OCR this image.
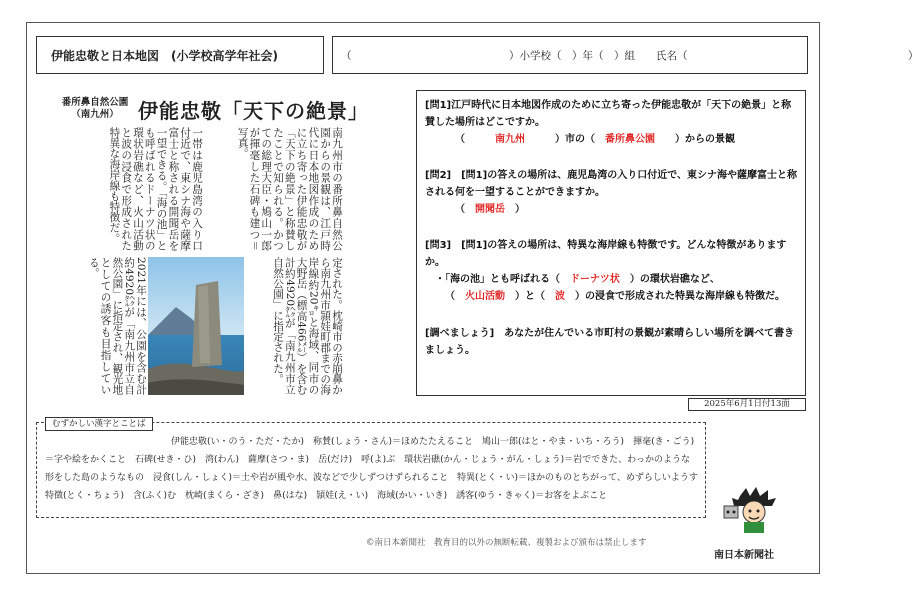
伊能忠敬と日本地図　(小学校高学年社会)	（　　　　　　　　　　　　　　　）小学校（　）年（　）組　　氏名（　　　　　　　　　　　　　　　　　　　　　）
番所鼻自然公園
（南九州） 伊能忠敬「天下の絶景」
南九州市の番所鼻自然公園からの景観は、江戸時代に日本地図作成のために立ち寄った伊能忠敬が「天下の絶景」と称賛したことで知られる。かつての総理大臣・鳩山一郎が揮毫した石碑も建つ＝写真。
一帯は鹿児島湾の入り口付近で、東シナ海や薩摩富士と称される開聞岳を一望できる。「海の池」とも呼ばれるドーナツ状の環状岩礁など、火山活動と波の浸食で形成された特異な海岸線も特徴だ。
定された。枕崎市の赤崩鼻から南九州市頴娃町郡までの海岸線約20㌔と海域、同市の大野岳（標高466㍍）を含む計約4920㌶が「南九州市立自然公園」に指定された。
2021年には、公園を含む計約4920㌶が「南九州市立自然公園」に指定され、観光地としての誘客も目指している。
[問1]江戸時代に日本地図作成のために立ち寄った伊能忠敬が「天下の絶景」と称賛した場所はどこですか。
（　　　	南九州　　　	）市の（　 番所鼻公園　　 ）からの景観
[問2]　[問1]の答えの場所は、鹿児島湾の入り口付近で、東シナ海や薩摩富士と称される何を一望することができますか。
（　 開聞岳　 ）
[問3]　[問1]の答えの場所は、特異な海岸線も特徴です。どんな特徴がありますか。
・「海の池」とも呼ばれる（　 ドーナツ状　 ）の環状岩礁など、
（　 火山活動　 ）と（　 波　 ）の浸食で形成された特異な海岸線も特徴だ。
[調べましょう]　あなたが住んでいる市町村の景観が素晴らしい場所を調べて書きましょう。
2025年6月1日付13面
むずかしい漢字とことば
伊能忠敬(い・のう・ただ・たか)　称賛(しょう・さん)＝ほめたたえること　鳩山一郎(はと・やま・いち・ろう)　揮毫(き・ごう)＝字や絵をかくこと　石碑(せき・ひ)　湾(わん)　薩摩(さつ・ま)　岳(だけ)　呼(よ)ぶ　環状岩礁(かん・じょう・がん・しょう)＝岩でできた、わっかのような形をした島のようなもの　浸食(しん・しょく)＝土や岩が風や水、波などで少しずつけずられること　特異(とく・い)＝ほかのものとちがって、めずらしいようす　特徴(とく・ちょう)　含(ふく)む　枕崎(まくら・ざき)　鼻(はな)　頴娃(え・い)　海域(かい・いき)　誘客(ゆう・きゃく)＝お客をよぶこと
©南日本新聞社　教育目的以外の無断転載、複製および頒布は禁止します
南日本新聞社
